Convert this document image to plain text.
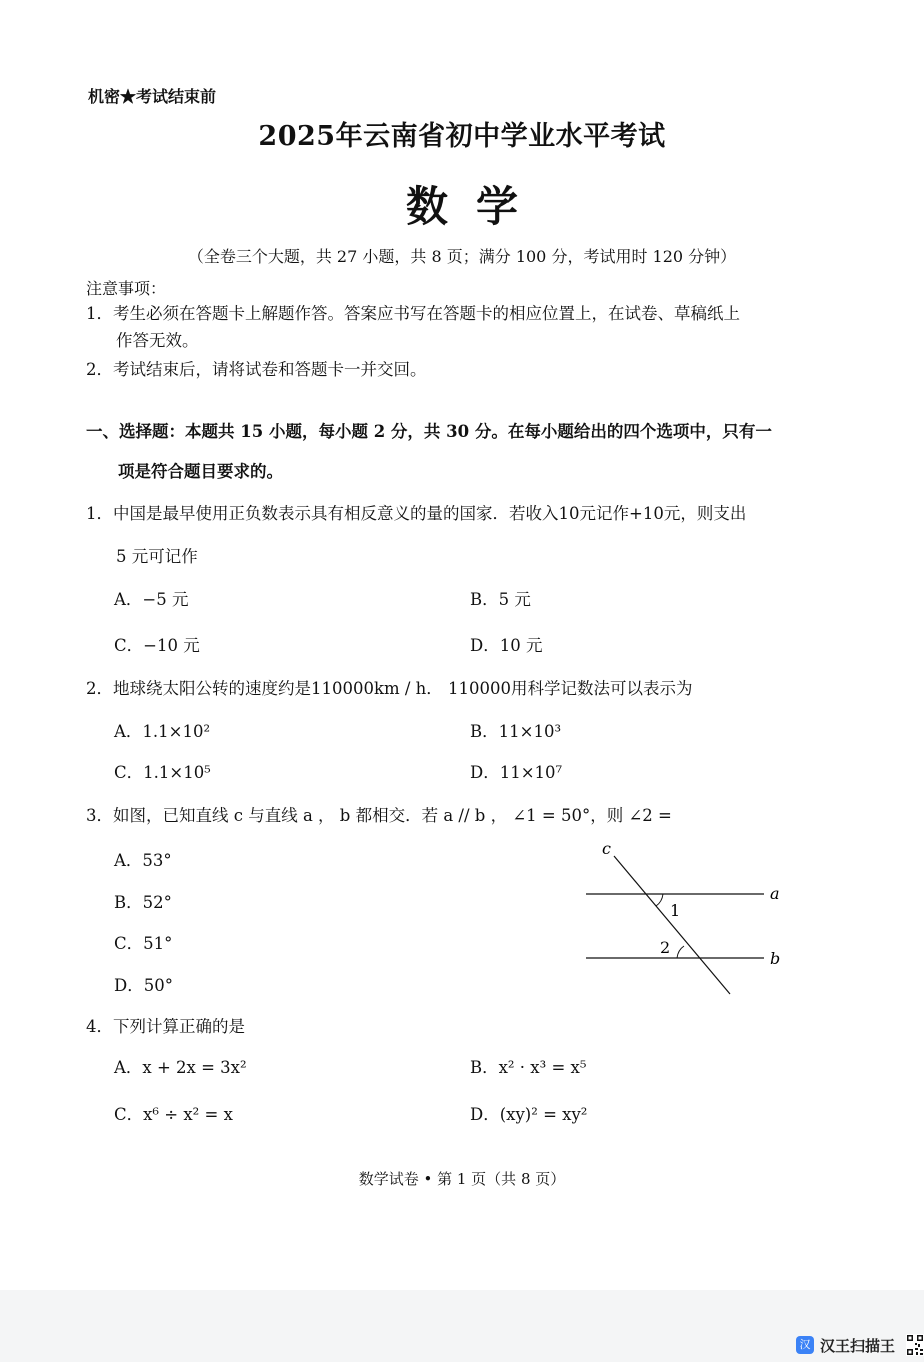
机密★考试结束前
2025年云南省初中学业水平考试
数学
（全卷三个大题，共 27 小题，共 8 页；满分 100 分，考试用时 120 分钟）
注意事项：
1．考生必须在答题卡上解题作答。答案应书写在答题卡的相应位置上，在试卷、草稿纸上
作答无效。
2．考试结束后，请将试卷和答题卡一并交回。
一、选择题：本题共 15 小题，每小题 2 分，共 30 分。在每小题给出的四个选项中，只有一
项是符合题目要求的。
1．中国是最早使用正负数表示具有相反意义的量的国家．若收入10元记作+10元，则支出
5 元可记作
A．−5 元	B．5 元
C．−10 元	D．10 元
2．地球绕太阳公转的速度约是110000km / h． 110000用科学记数法可以表示为
A．1.1×10²	B．11×10³
C．1.1×10⁵	D．11×10⁷
3．如图，已知直线 c 与直线 a ， b 都相交．若 a // b ， ∠1 = 50°，则 ∠2 =
A．53°
B．52°
C．51°
D．50°
c
a
b
1
2
4．下列计算正确的是
A．x + 2x = 3x²	B．x² · x³ = x⁵
C．x⁶ ÷ x² = x	D．(xy)² = xy²
数学试卷 • 第 1 页（共 8 页）
汉 汉王扫描王
